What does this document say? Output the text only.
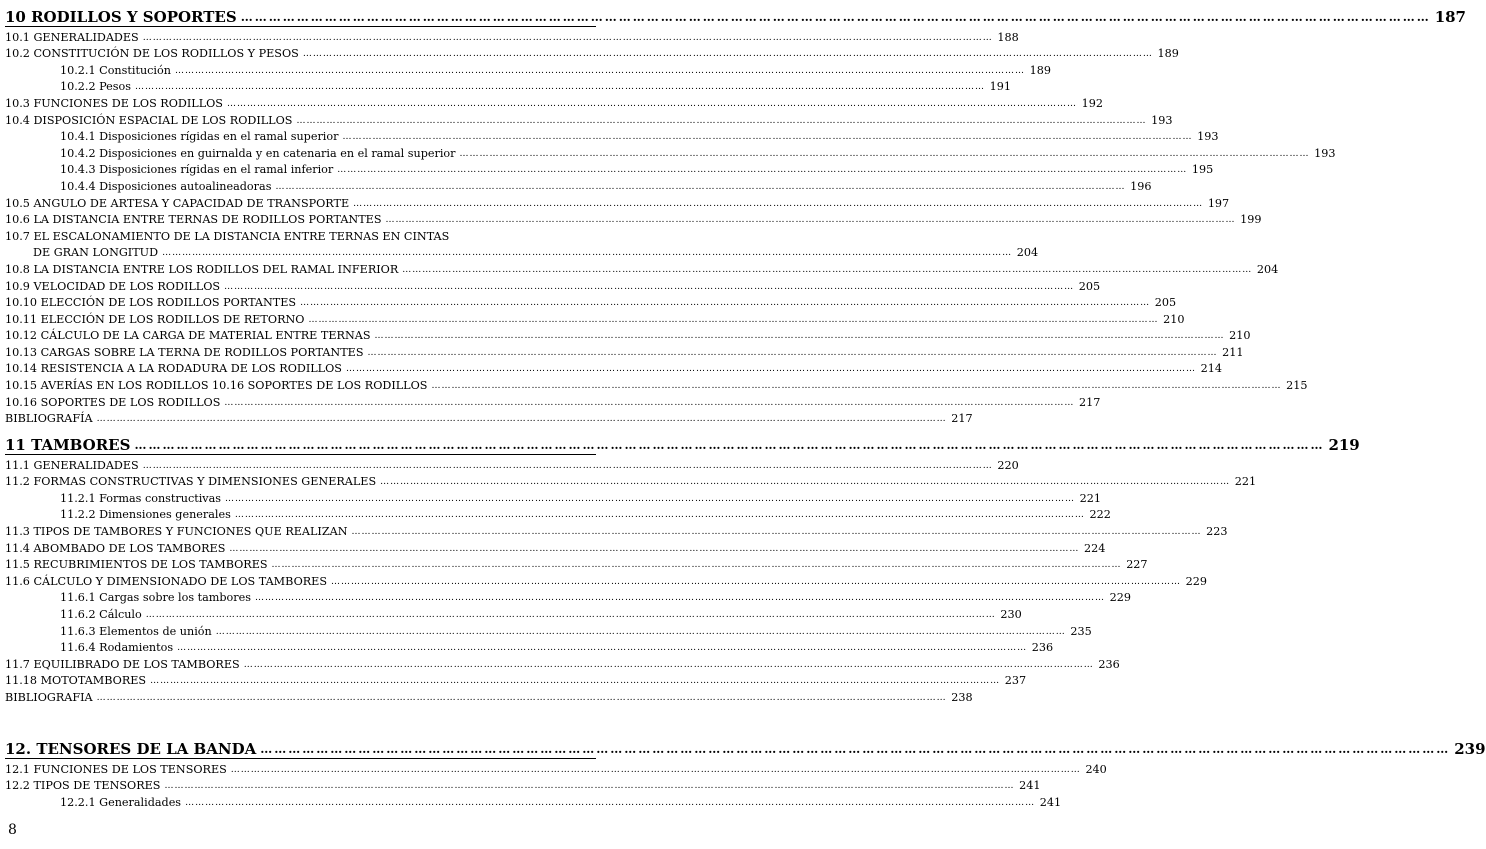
10 RODILLOS Y SOPORTES …………………………………………………………………………………………………………………………………………………………………………………………………………………………………	187
10.1 GENERALIDADES …………………………………………………………………………………………………………………………………………………………………………………………………………………………………	188
10.2 CONSTITUCIÓN DE LOS RODILLOS Y PESOS …………………………………………………………………………………………………………………………………………………………………………………………………………………………………	189
10.2.1 Constitución …………………………………………………………………………………………………………………………………………………………………………………………………………………………………	189
10.2.2 Pesos …………………………………………………………………………………………………………………………………………………………………………………………………………………………………	191
10.3 FUNCIONES DE LOS RODILLOS …………………………………………………………………………………………………………………………………………………………………………………………………………………………………	192
10.4 DISPOSICIÓN ESPACIAL DE LOS RODILLOS …………………………………………………………………………………………………………………………………………………………………………………………………………………………………	193
10.4.1 Disposiciones rígidas en el ramal superior …………………………………………………………………………………………………………………………………………………………………………………………………………………………………	193
10.4.2 Disposiciones en guirnalda y en catenaria en el ramal superior …………………………………………………………………………………………………………………………………………………………………………………………………………………………………	193
10.4.3 Disposiciones rígidas en el ramal inferior …………………………………………………………………………………………………………………………………………………………………………………………………………………………………	195
10.4.4 Disposiciones autoalineadoras …………………………………………………………………………………………………………………………………………………………………………………………………………………………………	196
10.5 ANGULO DE ARTESA Y CAPACIDAD DE TRANSPORTE …………………………………………………………………………………………………………………………………………………………………………………………………………………………………	197
10.6 LA DISTANCIA ENTRE TERNAS DE RODILLOS PORTANTES …………………………………………………………………………………………………………………………………………………………………………………………………………………………………	199
10.7 EL ESCALONAMIENTO DE LA DISTANCIA ENTRE TERNAS EN CINTAS
DE GRAN LONGITUD …………………………………………………………………………………………………………………………………………………………………………………………………………………………………	204
10.8 LA DISTANCIA ENTRE LOS RODILLOS DEL RAMAL INFERIOR …………………………………………………………………………………………………………………………………………………………………………………………………………………………………	204
10.9 VELOCIDAD DE LOS RODILLOS …………………………………………………………………………………………………………………………………………………………………………………………………………………………………	205
10.10 ELECCIÓN DE LOS RODILLOS PORTANTES …………………………………………………………………………………………………………………………………………………………………………………………………………………………………	205
10.11 ELECCIÓN DE LOS RODILLOS DE RETORNO …………………………………………………………………………………………………………………………………………………………………………………………………………………………………	210
10.12 CÁLCULO DE LA CARGA DE MATERIAL ENTRE TERNAS …………………………………………………………………………………………………………………………………………………………………………………………………………………………………	210
10.13 CARGAS SOBRE LA TERNA DE RODILLOS PORTANTES …………………………………………………………………………………………………………………………………………………………………………………………………………………………………	211
10.14 RESISTENCIA A LA RODADURA DE LOS RODILLOS …………………………………………………………………………………………………………………………………………………………………………………………………………………………………	214
10.15 AVERÍAS EN LOS RODILLOS 10.16 SOPORTES DE LOS RODILLOS …………………………………………………………………………………………………………………………………………………………………………………………………………………………………	215
10.16 SOPORTES DE LOS RODILLOS …………………………………………………………………………………………………………………………………………………………………………………………………………………………………	217
BIBLIOGRAFÍA …………………………………………………………………………………………………………………………………………………………………………………………………………………………………	217
11 TAMBORES …………………………………………………………………………………………………………………………………………………………………………………………………………………………………	219
11.1 GENERALIDADES …………………………………………………………………………………………………………………………………………………………………………………………………………………………………	220
11.2 FORMAS CONSTRUCTIVAS Y DIMENSIONES GENERALES …………………………………………………………………………………………………………………………………………………………………………………………………………………………………	221
11.2.1 Formas constructivas …………………………………………………………………………………………………………………………………………………………………………………………………………………………………	221
11.2.2 Dimensiones generales …………………………………………………………………………………………………………………………………………………………………………………………………………………………………	222
11.3 TIPOS DE TAMBORES Y FUNCIONES QUE REALIZAN …………………………………………………………………………………………………………………………………………………………………………………………………………………………………	223
11.4 ABOMBADO DE LOS TAMBORES …………………………………………………………………………………………………………………………………………………………………………………………………………………………………	224
11.5 RECUBRIMIENTOS DE LOS TAMBORES …………………………………………………………………………………………………………………………………………………………………………………………………………………………………	227
11.6 CÁLCULO Y DIMENSIONADO DE LOS TAMBORES …………………………………………………………………………………………………………………………………………………………………………………………………………………………………	229
11.6.1 Cargas sobre los tambores …………………………………………………………………………………………………………………………………………………………………………………………………………………………………	229
11.6.2 Cálculo …………………………………………………………………………………………………………………………………………………………………………………………………………………………………	230
11.6.3 Elementos de unión …………………………………………………………………………………………………………………………………………………………………………………………………………………………………	235
11.6.4 Rodamientos …………………………………………………………………………………………………………………………………………………………………………………………………………………………………	236
11.7 EQUILIBRADO DE LOS TAMBORES …………………………………………………………………………………………………………………………………………………………………………………………………………………………………	236
11.18 MOTOTAMBORES …………………………………………………………………………………………………………………………………………………………………………………………………………………………………	237
BIBLIOGRAFIA …………………………………………………………………………………………………………………………………………………………………………………………………………………………………	238
12. TENSORES DE LA BANDA …………………………………………………………………………………………………………………………………………………………………………………………………………………………………	239
12.1 FUNCIONES DE LOS TENSORES …………………………………………………………………………………………………………………………………………………………………………………………………………………………………	240
12.2 TIPOS DE TENSORES …………………………………………………………………………………………………………………………………………………………………………………………………………………………………	241
12.2.1 Generalidades …………………………………………………………………………………………………………………………………………………………………………………………………………………………………	241
8
